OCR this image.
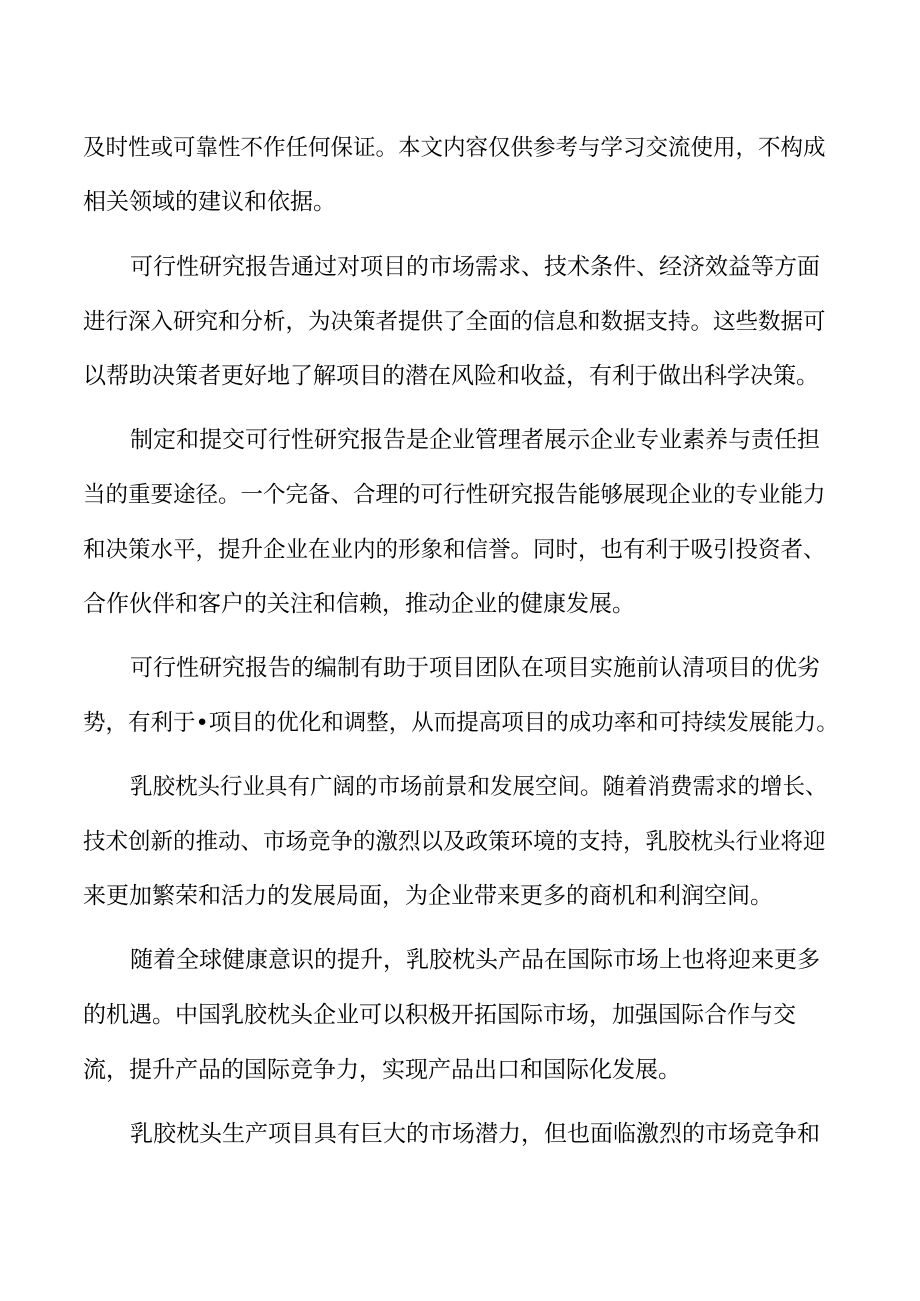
及时性或可靠性不作任何保证。本文内容仅供参考与学习交流使用，不构成
相关领域的建议和依据。
可行性研究报告通过对项目的市场需求、技术条件、经济效益等方面
进行深入研究和分析，为决策者提供了全面的信息和数据支持。这些数据可
以帮助决策者更好地了解项目的潜在风险和收益，有利于做出科学决策。
制定和提交可行性研究报告是企业管理者展示企业专业素养与责任担
当的重要途径。一个完备、合理的可行性研究报告能够展现企业的专业能力
和决策水平，提升企业在业内的形象和信誉。同时，也有利于吸引投资者、
合作伙伴和客户的关注和信赖，推动企业的健康发展。
可行性研究报告的编制有助于项目团队在项目实施前认清项目的优劣
势，有利于•项目的优化和调整，从而提高项目的成功率和可持续发展能力。
乳胶枕头行业具有广阔的市场前景和发展空间。随着消费需求的增长、
技术创新的推动、市场竞争的激烈以及政策环境的支持，乳胶枕头行业将迎
来更加繁荣和活力的发展局面，为企业带来更多的商机和利润空间。
随着全球健康意识的提升，乳胶枕头产品在国际市场上也将迎来更多
的机遇。中国乳胶枕头企业可以积极开拓国际市场，加强国际合作与交
流，提升产品的国际竞争力，实现产品出口和国际化发展。
乳胶枕头生产项目具有巨大的市场潜力，但也面临激烈的市场竞争和
